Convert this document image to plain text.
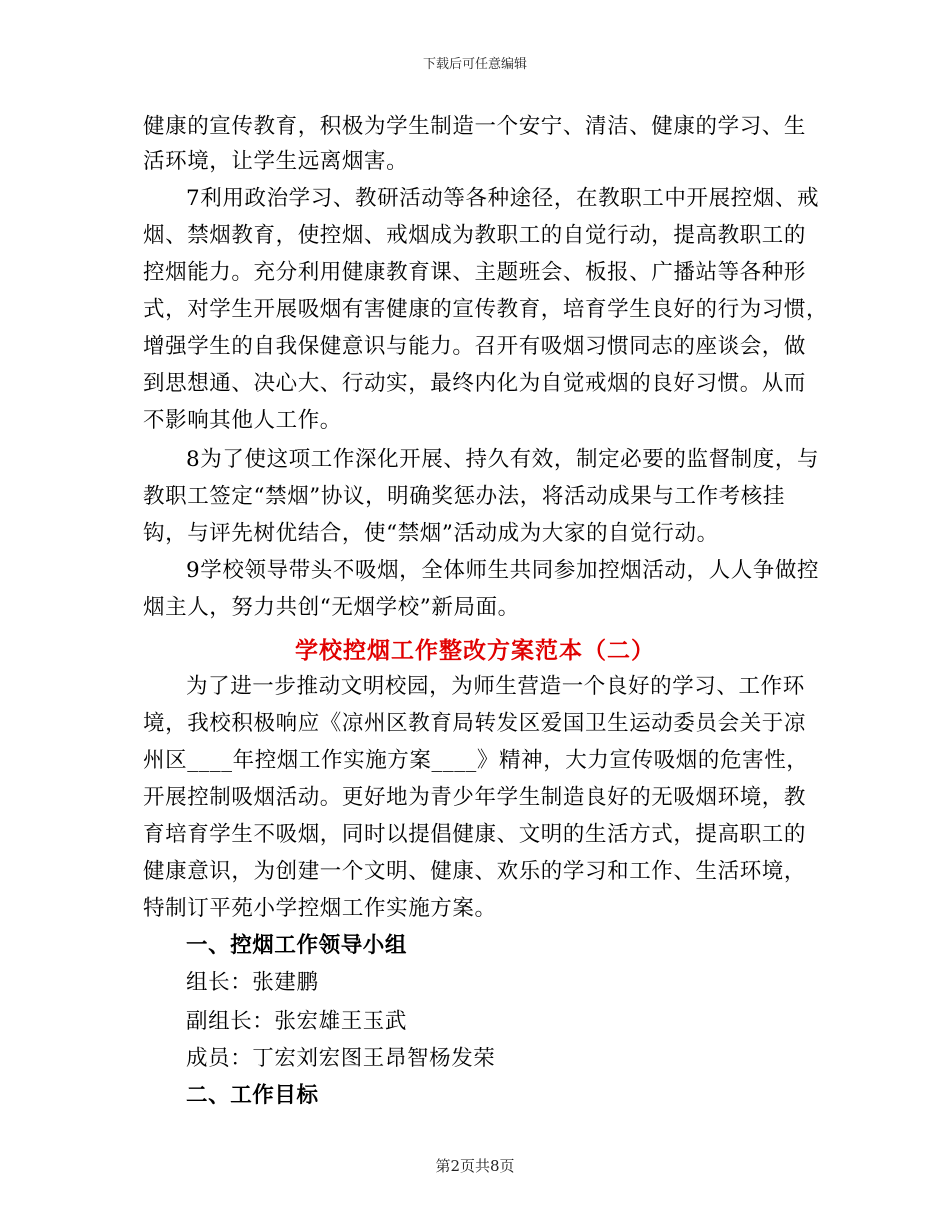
下载后可任意编辑
健康的宣传教育，积极为学生制造一个安宁、清洁、健康的学习、生
活环境，让学生远离烟害。
7利用政治学习、教研活动等各种途径，在教职工中开展控烟、戒
烟、禁烟教育，使控烟、戒烟成为教职工的自觉行动，提高教职工的
控烟能力。充分利用健康教育课、主题班会、板报、广播站等各种形
式，对学生开展吸烟有害健康的宣传教育，培育学生良好的行为习惯，
增强学生的自我保健意识与能力。召开有吸烟习惯同志的座谈会，做
到思想通、决心大、行动实，最终内化为自觉戒烟的良好习惯。从而
不影响其他人工作。
8为了使这项工作深化开展、持久有效，制定必要的监督制度，与
教职工签定“禁烟”协议，明确奖惩办法，将活动成果与工作考核挂
钩，与评先树优结合，使“禁烟”活动成为大家的自觉行动。
9学校领导带头不吸烟，全体师生共同参加控烟活动，人人争做控
烟主人，努力共创“无烟学校”新局面。
学校控烟工作整改方案范本（二）
为了进一步推动文明校园，为师生营造一个良好的学习、工作环
境，我校积极响应《凉州区教育局转发区爱国卫生运动委员会关于凉
州区____年控烟工作实施方案____》精神，大力宣传吸烟的危害性，
开展控制吸烟活动。更好地为青少年学生制造良好的无吸烟环境，教
育培育学生不吸烟，同时以提倡健康、文明的生活方式，提高职工的
健康意识，为创建一个文明、健康、欢乐的学习和工作、生活环境，
特制订平苑小学控烟工作实施方案。
一、控烟工作领导小组
组长：张建鹏
副组长：张宏雄王玉武
成员：丁宏刘宏图王昂智杨发荣
二、工作目标
第2页共8页
